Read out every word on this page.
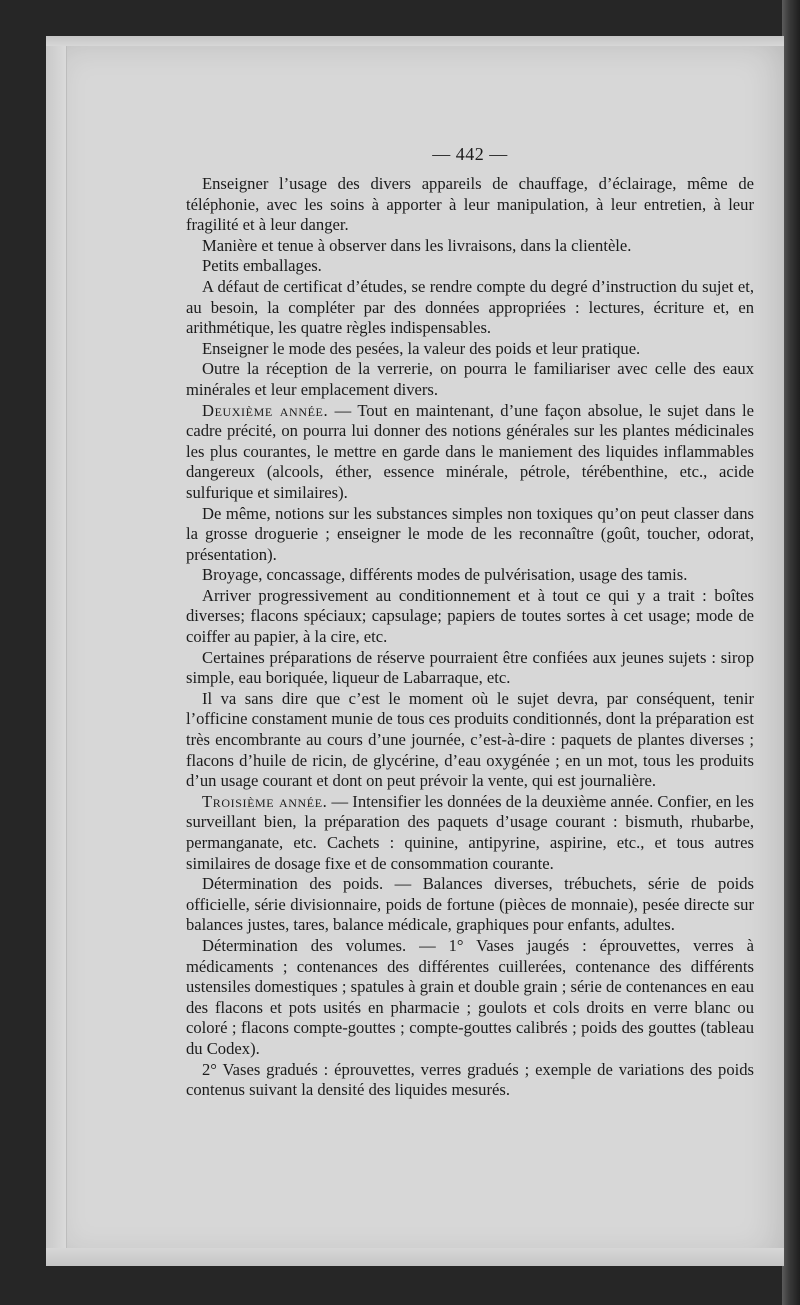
— 442 —

Enseigner l’usage des divers appareils de chauffage, d’éclairage, même de téléphonie, avec les soins à apporter à leur manipulation, à leur entretien, à leur fragilité et à leur danger.

Manière et tenue à observer dans les livraisons, dans la clientèle.

Petits emballages.

A défaut de certificat d’études, se rendre compte du degré d’instruction du sujet et, au besoin, la compléter par des données appropriées : lectures, écriture et, en arithmétique, les quatre règles indispensables.

Enseigner le mode des pesées, la valeur des poids et leur pratique.

Outre la réception de la verrerie, on pourra le familiariser avec celle des eaux minérales et leur emplacement divers.

Deuxième année. — Tout en maintenant, d’une façon absolue, le sujet dans le cadre précité, on pourra lui donner des notions générales sur les plantes médicinales les plus courantes, le mettre en garde dans le maniement des liquides inflammables dangereux (alcools, éther, essence minérale, pétrole, térébenthine, etc., acide sulfurique et similaires).

De même, notions sur les substances simples non toxiques qu’on peut classer dans la grosse droguerie ; enseigner le mode de les reconnaître (goût, toucher, odorat, présentation).

Broyage, concassage, différents modes de pulvérisation, usage des tamis.

Arriver progressivement au conditionnement et à tout ce qui y a trait : boîtes diverses; flacons spéciaux; capsulage; papiers de toutes sortes à cet usage; mode de coiffer au papier, à la cire, etc.

Certaines préparations de réserve pourraient être confiées aux jeunes sujets : sirop simple, eau boriquée, liqueur de Labarraque, etc.

Il va sans dire que c’est le moment où le sujet devra, par conséquent, tenir l’officine constament munie de tous ces produits conditionnés, dont la préparation est très encombrante au cours d’une journée, c’est-à-dire : paquets de plantes diverses ; flacons d’huile de ricin, de glycérine, d’eau oxygénée ; en un mot, tous les produits d’un usage courant et dont on peut prévoir la vente, qui est journalière.

Troisième année. — Intensifier les données de la deuxième année. Confier, en les surveillant bien, la préparation des paquets d’usage courant : bismuth, rhubarbe, permanganate, etc. Cachets : quinine, antipyrine, aspirine, etc., et tous autres similaires de dosage fixe et de consommation courante.

Détermination des poids. — Balances diverses, trébuchets, série de poids officielle, série divisionnaire, poids de fortune (pièces de monnaie), pesée directe sur balances justes, tares, balance médicale, graphiques pour enfants, adultes.

Détermination des volumes. — 1° Vases jaugés : éprouvettes, verres à médicaments ; contenances des différentes cuillerées, contenance des différents ustensiles domestiques ; spatules à grain et double grain ; série de contenances en eau des flacons et pots usités en pharmacie ; goulots et cols droits en verre blanc ou coloré ; flacons compte-gouttes ; compte-gouttes calibrés ; poids des gouttes (tableau du Codex).

2° Vases gradués : éprouvettes, verres gradués ; exemple de variations des poids contenus suivant la densité des liquides mesurés.
